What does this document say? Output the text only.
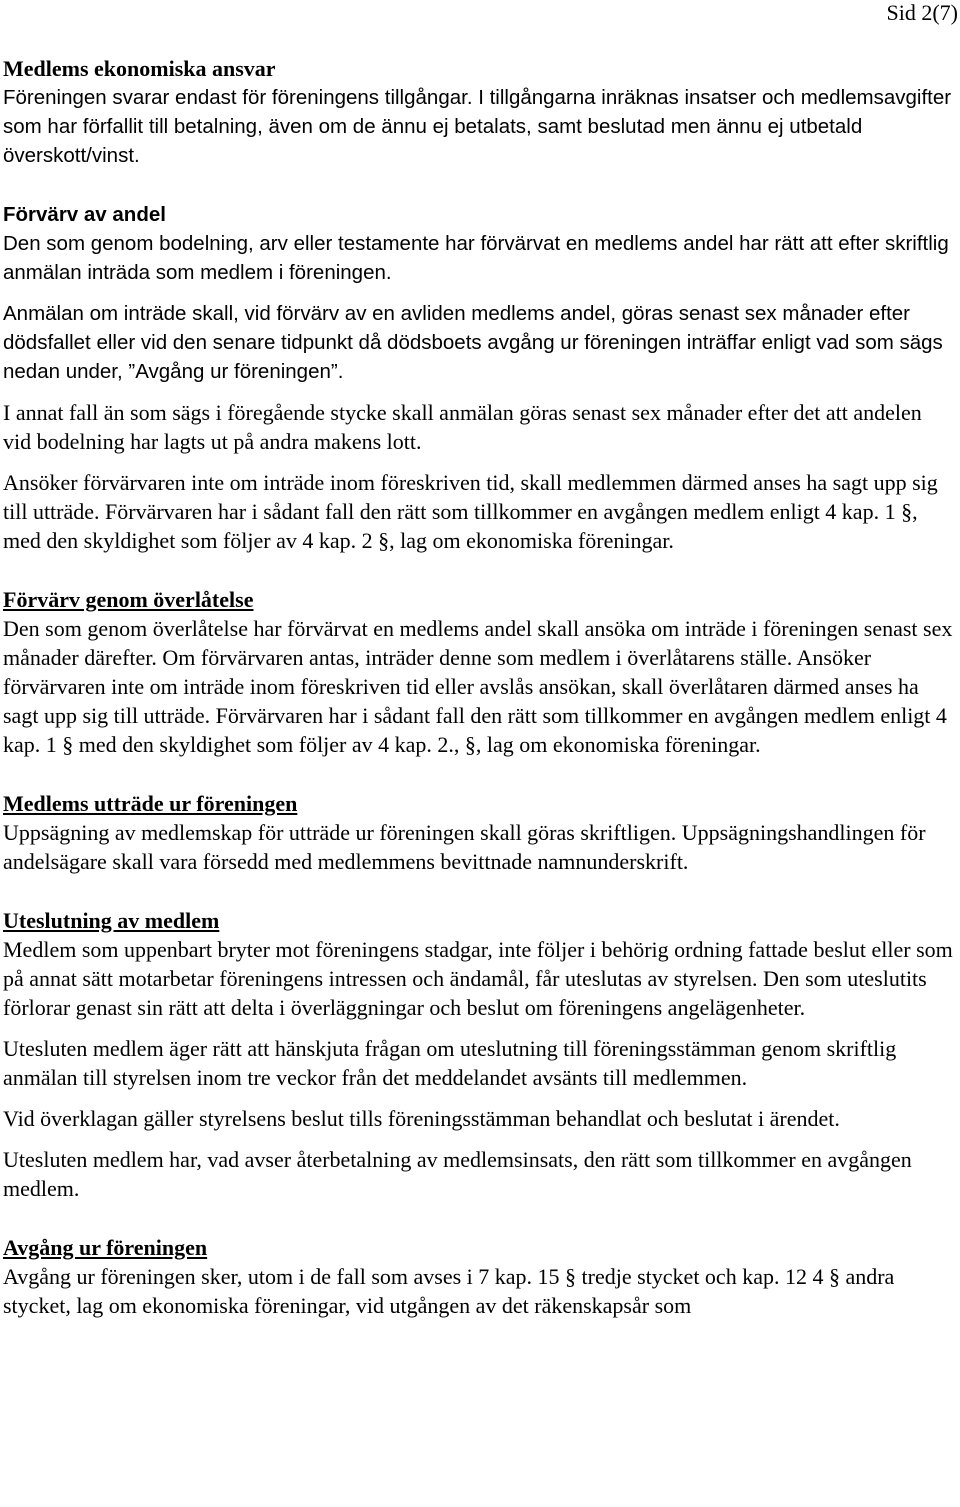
Sid 2(7)

Medlems ekonomiska ansvar

Föreningen svarar endast för föreningens tillgångar. I tillgångarna inräknas insatser och medlemsavgifter som har förfallit till betalning, även om de ännu ej betalats, samt beslutad men ännu ej utbetald överskott/vinst.

Förvärv av andel

Den som genom bodelning, arv eller testamente har förvärvat en medlems andel har rätt att efter skriftlig anmälan inträda som medlem i föreningen.

Anmälan om inträde skall, vid förvärv av en avliden medlems andel, göras senast sex månader efter dödsfallet eller vid den senare tidpunkt då dödsboets avgång ur föreningen inträffar enligt vad som sägs nedan under, ”Avgång ur föreningen”.

I annat fall än som sägs i föregående stycke skall anmälan göras senast sex månader efter det att andelen vid bodelning har lagts ut på andra makens lott.

Ansöker förvärvaren inte om inträde inom föreskriven tid, skall medlemmen därmed anses ha sagt upp sig till utträde. Förvärvaren har i sådant fall den rätt som tillkommer en avgången medlem enligt 4 kap. 1 §, med den skyldighet som följer av 4 kap. 2 §, lag om ekonomiska föreningar.

Förvärv genom överlåtelse

Den som genom överlåtelse har förvärvat en medlems andel skall ansöka om inträde i föreningen senast sex månader därefter. Om förvärvaren antas, inträder denne som medlem i överlåtarens ställe. Ansöker förvärvaren inte om inträde inom föreskriven tid eller avslås ansökan, skall överlåtaren därmed anses ha sagt upp sig till utträde. Förvärvaren har i sådant fall den rätt som tillkommer en avgången medlem enligt 4 kap. 1 § med den skyldighet som följer av 4 kap. 2., §, lag om ekonomiska föreningar.

Medlems utträde ur föreningen

Uppsägning av medlemskap för utträde ur föreningen skall göras skriftligen. Uppsägningshandlingen för andelsägare skall vara försedd med medlemmens bevittnade namnunderskrift.

Uteslutning av medlem

Medlem som uppenbart bryter mot föreningens stadgar, inte följer i behörig ordning fattade beslut eller som på annat sätt motarbetar föreningens intressen och ändamål, får uteslutas av styrelsen. Den som uteslutits förlorar genast sin rätt att delta i överläggningar och beslut om föreningens angelägenheter.

Utesluten medlem äger rätt att hänskjuta frågan om uteslutning till föreningsstämman genom skriftlig anmälan till styrelsen inom tre veckor från det meddelandet avsänts till medlemmen.

Vid överklagan gäller styrelsens beslut tills föreningsstämman behandlat och beslutat i ärendet.

Utesluten medlem har, vad avser återbetalning av medlemsinsats, den rätt som tillkommer en avgången medlem.

Avgång ur föreningen

Avgång ur föreningen sker, utom i de fall som avses i 7 kap. 15 § tredje stycket och kap. 12 4 § andra stycket, lag om ekonomiska föreningar, vid utgången av det räkenskapsår som
